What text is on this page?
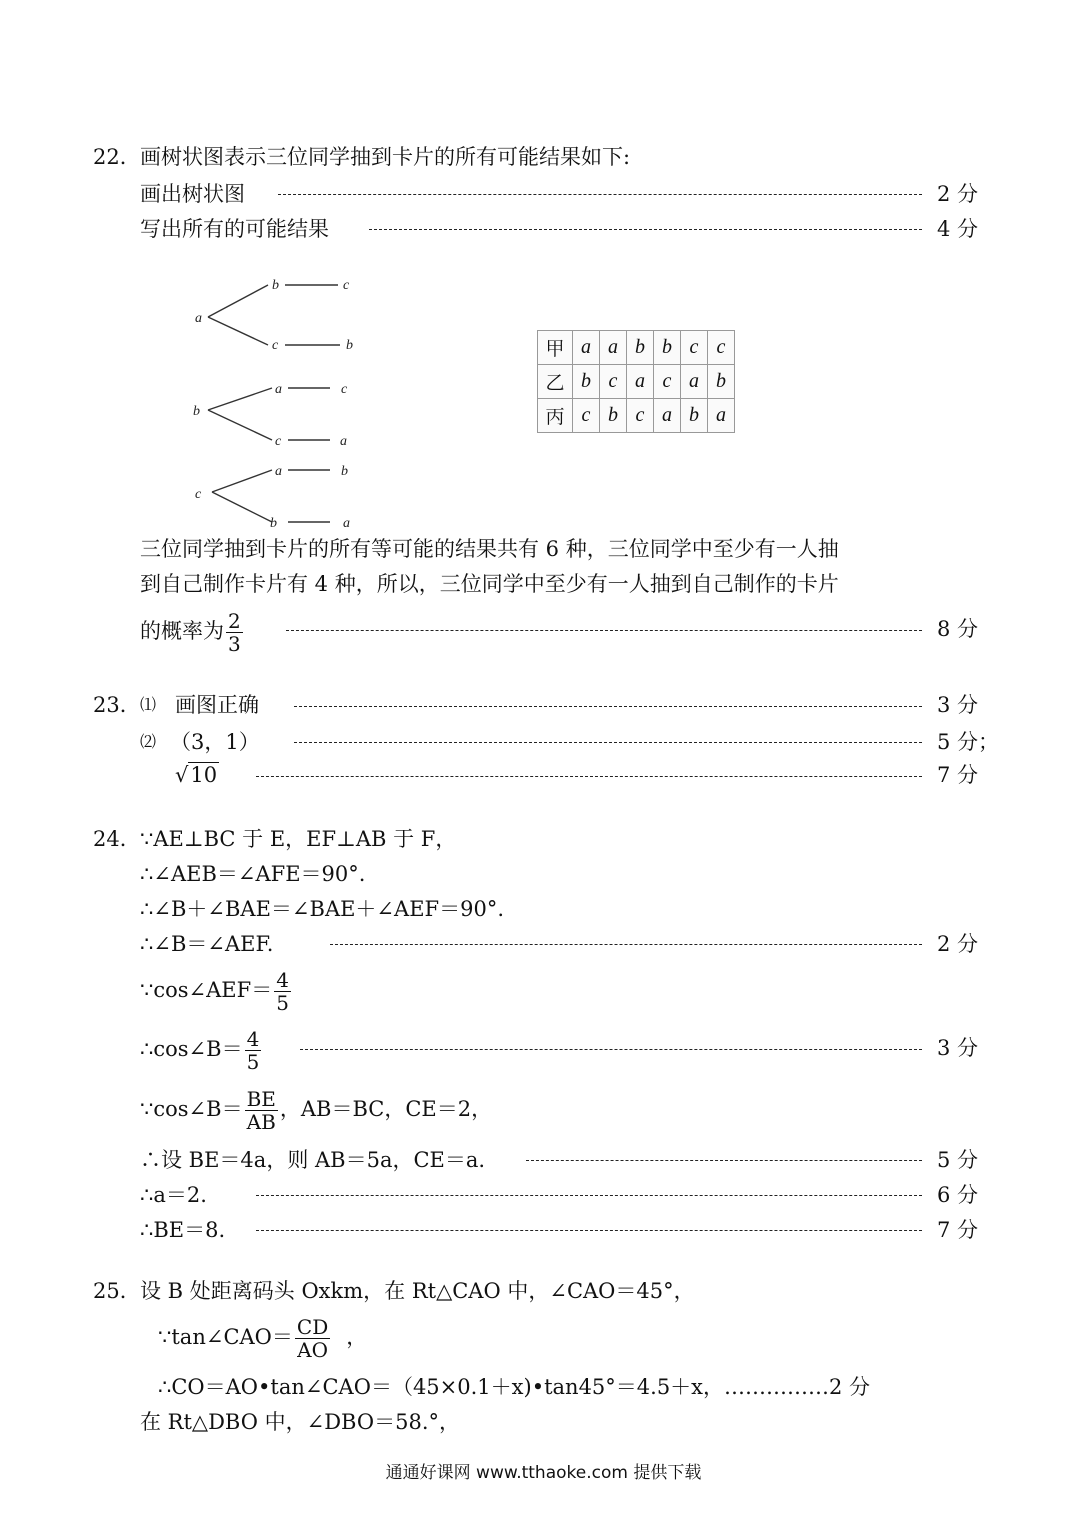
22． 画树状图表示三位同学抽到卡片的所有可能结果如下:
画出树状图	2 分
写出所有的可能结果	4 分
a
b	c
c	b
b
a	c
c	a
c
a	b
b	a
甲	a	a	b	b	c	c
乙	b	c	a	c	a	b
丙	c	b	c	a	b	a
三位同学抽到卡片的所有等可能的结果共有 6 种，三位同学中至少有一人抽
到自己制作卡片有 4 种，所以，三位同学中至少有一人抽到自己制作的卡片
的概率为 $\frac{2}{3}$	8 分
23． ⑴ 画图正确	3 分
⑵ （3，1）	5 分；
√10	7 分
24． ∵AE⊥BC 于 E，EF⊥AB 于 F，
∴∠AEB＝∠AFE＝90°.
∴∠B＋∠BAE＝∠BAE＋∠AEF＝90°.
∴∠B＝∠AEF.	2 分
∵cos∠AEF＝ $\frac{4}{5}$
∴cos∠B＝ $\frac{4}{5}$	3 分
∵cos∠B＝ $\frac{BE}{AB}$ ，AB＝BC，CE＝2，
∴设 BE＝4a，则 AB＝5a，CE＝a.	5 分
∴a＝2.	6 分
∴BE＝8.	7 分
25． 设 B 处距离码头 Oxkm，在 Rt△CAO 中，∠CAO＝45°，
∵tan∠CAO＝ $\frac{CD}{AO}$ ，
∴CO＝AO•tan∠CAO＝（45×0.1＋x)•tan45°＝4.5＋x，……………2 分
在 Rt△DBO 中，∠DBO＝58.°，
通通好课网 www.tthaoke.com 提供下载
